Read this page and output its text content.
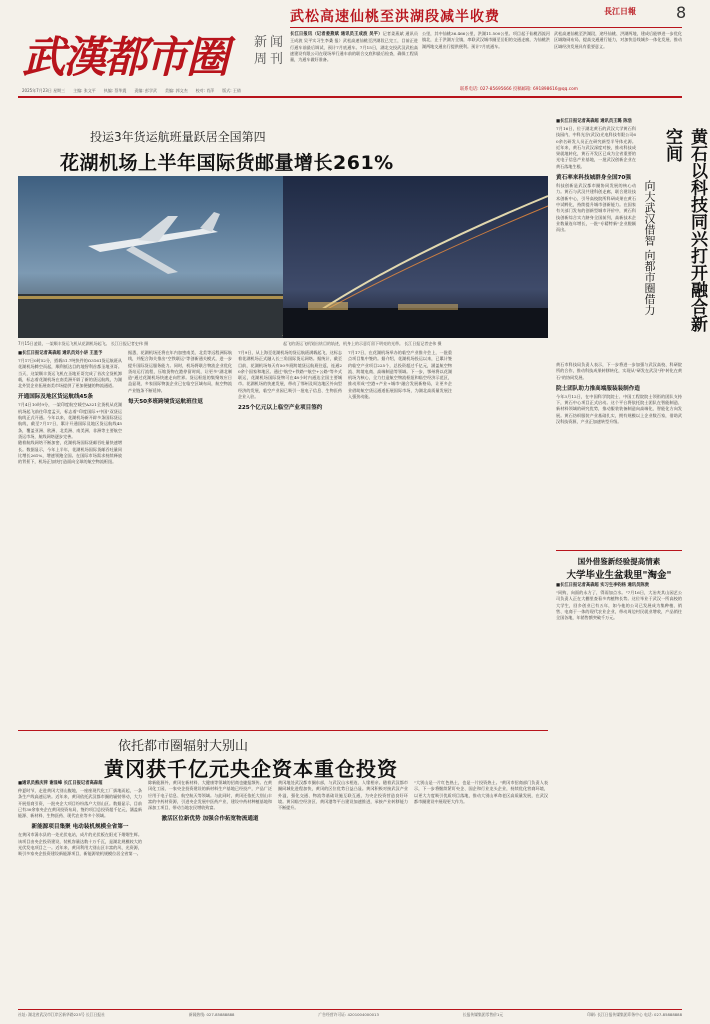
武松高速仙桃至洪湖段减半收费	長江日報	8
长江日报讯（记者姜燕斌 通讯员王成波 吴平）记者姜燕斌 通讯员 王成波 吴平实习生李桑 报）武松高速仙桃至洪湖段已完工，目前正进行通车前最后调试，预计7月底通车。7月15日，湖北交投武汉武松高速建设有限公司在现场举行通车前的联合交底和最后检查，确保工程质量，为通车做好准备。
公里，其中仙桃36.466公里，洪湖11.500公里。项目起于仙桃西流河镇北，止于洪湖万全镇，串联武汉城市圈至岳阳的交通走廊，为仙桃洪湖两地交通出行提供便利。预计7月底通车。
武松高速仙桃至洪湖段，途经仙桃、洪湖两地，建成后能够进一步优化区域路网布局，提高交通通行能力，对加快沿线城乡一体化发展、推动区域经济发展具有重要意义。
联系电话: 027-85695666 投稿邮箱: 691898616@qq.com
武漢都市圈 新闻
周刊
2025年7月23日 星期三 主编: 张文平 执编: 蔡华震 责编: 彭学武 美编: 郭文杰 校对: 肖萍 版式: 王倩
投运3年货运航班量跃居全国第四
花湖机场上半年国际货邮量增长261%
7月15日凌晨，一架顺丰货运飞机从花湖机场起飞。 长江日报记者史伟 摄	起飞的货运飞机划出炫目的轨迹，机身上的示意灯留下明亮的光带。 长江日报记者史伟 摄
黄石以科技同兴打开融合新空间
向大武汉借智 向都市圈借力
■长江日报记者高森超 通讯员刘小讲 王星予
7月17日0时52分，搭载51.7吨快件的O3161货运航班从花湖机场腾空而起，顺利抵达目的地智利首都圣地亚哥。当天，这架顺丰货运飞机在圣地亚哥完成了首次全货机卸载，标志着花湖机场在南美洲开辟了新的货运航线，为湖北外贸企业拓展南美市场提供了更加便捷的物流通道。
开通国际及地区货运航线45条
7月4日10时9分，一架印度航空载空A321全货机从花湖机场起飞前往印度孟买，标志着"印度国际+中国"双货运航线正式开通。今年以来，花湖机场新开辟多条国际货运航线，截至7月17日，累计开通国际及地区货运航线45条，覆盖亚洲、欧洲、北美洲、南美洲、非洲等主要航空货运市场，航线网络逐步完善。
随着航线网络不断加密，花湖机场国际货邮吞吐量快速增长。数据显示，今年上半年，花湖机场国际货邮吞吐量同比增长261%，增速领跑全国。在国际市场需求持续释放的背景下，机场正加快打造面向全球的航空物流枢纽。
据悉，花湖机场还将在年内加密南美、北美等远程洲际航线，并配合海关推出"空铁联运"等创新通关模式，进一步提升国际货运服务能力。同时，机场将联合物流企业优化货站运行流程，压缩货物在港停留时间，让更多"湖北制造"通过花湖机场快速走向世界。货运枢纽的集聚效应日益显现，多家国际物流企业已在临空区域布局，航空物流产业链条不断延伸。
每天50多班跨境货运航班往返
7月9日，从上海至花湖机场的货运航班满载起飞，这标志着花湖机场正式融入长三角国际货运网络。据统计，截至目前，花湖机场每天有50多班跨境货运航班往返，连通20余个国家和地区。通过"航空+铁路""航空+公路"等多式联运，花湖机场国际货物可在48小时内通达全国主要城市。花湖机场的快速发展，带动了鄂州及周边地区外向型经济的发展，临空产业园已吸引一批电子信息、生物医药企业入驻。
225个亿元以上临空产业项目签约
7月17日，在花湖机场举办的临空产业推介会上，一批重点项目集中签约。据介绍，花湖机场投运以来，已累计签约临空产业项目225个，总投资超过千亿元，涵盖航空物流、跨境电商、高端制造等领域。下一步，鄂州将以花湖机场为核心，全力打造航空物流枢纽和临空经济示范区，推动形成"空港+产业+城市"融合发展新格局，让更多企业借助航空货运通道拓展国际市场，为湖北高质量发展注入强劲动能。
■长江日报记者高森超 通讯员王璐 陈浩
7月16日，位于湖北黄石的武汉大学黄石科技园内，中科光谷(武汉)光电科技有限公司60余名研发人员正在研究新型半导体光源。近年来，黄石与武汉深度对接，推动科技成果就地转化，黄石开发区已成为全省重要的光电子信息产业基地，一批武汉创新企业在黄石落地生根。
黄石率来科技城群身全国70强
科技创新是武汉都市圈协同发展的核心动力。黄石与武汉共建科创走廊，联合建设技术创新中心，引导高校院所科研成果在黄石中试孵化，持续提升城市创新能力。在国家有关部门发布的创新型城市评价中，黄石科技创新综合实力跻身全国前列，高新技术企业数量连年增长，一批"专精特新"企业脱颖而出。
黄石市科技局负责人表示，下一步将进一步加强与武汉高校、科研院所的合作，推动科技成果转移转化，实现从"研发在武汉"到"转化在黄石"的协同发展。
院士团队助力推高端服装装制作造
今年3月12日，在中国科学院院士、中国工程院院士领衔的团队支持下，黄石中心项目正式启动。这个平台将依托院士团队在智能制造、新材料领域的研究优势，推动服装装备制造向高端化、智能化方向发展。黄石纺织服装产业基础扎实，拥有规模以上企业数百家，借助武汉科技资源，产业正加速转型升级。
国外借鉴新经验提高情素
大学毕业生盆栽里"淘金"
■长江日报记者高森超 实习生李钧杨 通讯员陈贵
"同购，向面的永方了，得雨加点水。"7月16日，大冶麦其山园艺公司负责人正在大棚里查看多肉植物长势。这位毕业于武汉一所高校的大学生，回乡创业已有五年，如今他的公司已发展成为集种植、销售、电商于一体的现代农业企业，带动周边村民就业增收，产品销往全国各地，年销售额突破千万元。
依托都市圈辐射大别山
黄冈获千亿元央企资本重仓投资
■通讯员熊庆萍 谢显峰 长江日报记者高森超
仲夏时节，走进黄冈大别山腹地，一座座现代化工厂拔地而起，一条条生产线高速运转。近年来，黄冈依托武汉都市圈的辐射带动，大力开展招商引资，一批央企大项目纷纷落户大别山区。数据显示，目前已有30余家央企在黄冈投资布局，签约项目总投资超千亿元，涵盖新能源、新材料、生物医药、现代农业等多个领域。
新能源项目集聚 电动装机规模全省第一
在黄冈市浠水县的一处光伏电站，成片的光伏板在阳光下熠熠生辉。该项目由央企投资建设，装机容量达数十万千瓦，是湖北规模较大的光伏发电项目之一。近年来，黄冈利用大别山区丰富的风、光资源，吸引多家央企投资建设新能源项目，新能源装机规模位居全省第一。
除新能源外，黄冈在新材料、大健康等领域的招商也捷报频传。在黄冈化工园，一家央企投资建设的新材料生产基地已经投产，产品广泛应用于电子信息、航空航天等领域。与此同时，黄冈还依托大别山丰富的中药材资源，引进央企发展中医药产业，建设中药材种植基地和深加工项目，带动当地农民增收致富。
激活区位新优势 加强合作拓宽物流通道
黄冈地处武汉都市圈东部，与武汉山水相连、人缘相亲。随着武汉都市圈同城化进程加快，黄冈的区位优势日益凸显。黄冈积极对接武汉产业外溢，强化交通、物流等基础设施互联互通，为央企投资营造良好环境。黄冈临空经济区、黄冈港等平台建设加速推进，承接产业转移能力不断提升。
"大别山是一片红色热土，也是一片投资热土。"黄冈市招商部门负责人表示，下一步将继续紧盯央企、国企和行业龙头企业，持续优化营商环境，以更大力度吸引优质项目落地，推动大别山革命老区高质量发展，在武汉都市圈建设中展现更大作为。
社址: 湖北省武汉市江岸区新华路225号 长江日报社	新闻热线: 027-85888888	广告经营许可证: 4201004000013	长报传媒集团零售价1元	印刷: 长江日报传媒集团印务中心 电话: 027-85888888
